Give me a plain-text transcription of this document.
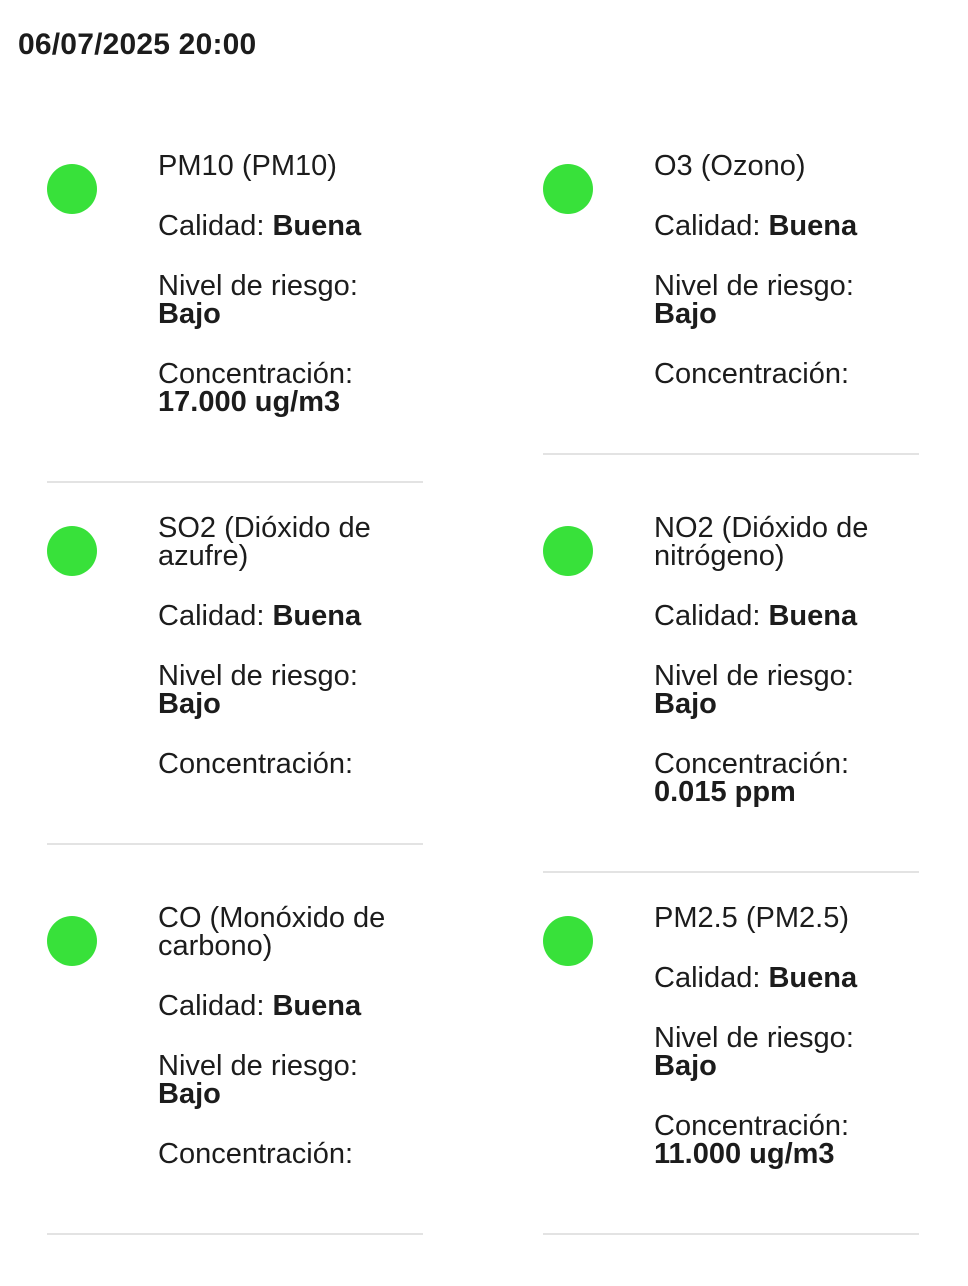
06/07/2025 20:00
PM10 (PM10)
Calidad: Buena
Nivel de riesgo:
Bajo
Concentración:
17.000 ug/m3
O3 (Ozono)
Calidad: Buena
Nivel de riesgo:
Bajo
Concentración:
SO2 (Dióxido de azufre)
Calidad: Buena
Nivel de riesgo:
Bajo
Concentración:
NO2 (Dióxido de nitrógeno)
Calidad: Buena
Nivel de riesgo:
Bajo
Concentración:
0.015 ppm
CO (Monóxido de carbono)
Calidad: Buena
Nivel de riesgo:
Bajo
Concentración:
PM2.5 (PM2.5)
Calidad: Buena
Nivel de riesgo:
Bajo
Concentración:
11.000 ug/m3
